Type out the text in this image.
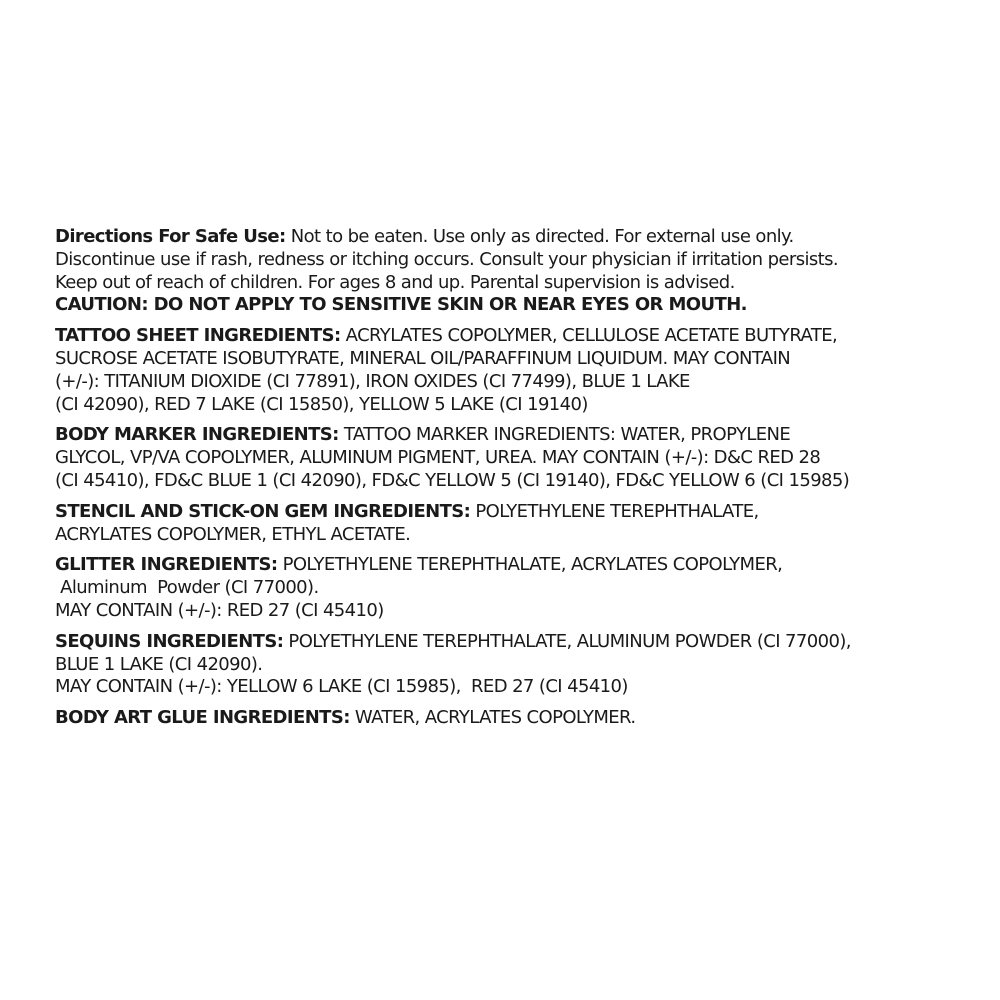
Directions For Safe Use: Not to be eaten. Use only as directed. For external use only.
Discontinue use if rash, redness or itching occurs. Consult your physician if irritation persists.
Keep out of reach of children. For ages 8 and up. Parental supervision is advised.
CAUTION: DO NOT APPLY TO SENSITIVE SKIN OR NEAR EYES OR MOUTH.
TATTOO SHEET INGREDIENTS: ACRYLATES COPOLYMER, CELLULOSE ACETATE BUTYRATE,
SUCROSE ACETATE ISOBUTYRATE, MINERAL OIL/PARAFFINUM LIQUIDUM. MAY CONTAIN
(+/-): TITANIUM DIOXIDE (CI 77891), IRON OXIDES (CI 77499), BLUE 1 LAKE
(CI 42090), RED 7 LAKE (CI 15850), YELLOW 5 LAKE (CI 19140)
BODY MARKER INGREDIENTS: TATTOO MARKER INGREDIENTS: WATER, PROPYLENE
GLYCOL, VP/VA COPOLYMER, ALUMINUM PIGMENT, UREA. MAY CONTAIN (+/-): D&C RED 28
(CI 45410), FD&C BLUE 1 (CI 42090), FD&C YELLOW 5 (CI 19140), FD&C YELLOW 6 (CI 15985)
STENCIL AND STICK-ON GEM INGREDIENTS: POLYETHYLENE TEREPHTHALATE,
ACRYLATES COPOLYMER, ETHYL ACETATE.
GLITTER INGREDIENTS: POLYETHYLENE TEREPHTHALATE, ACRYLATES COPOLYMER,
Aluminum  Powder (CI 77000).
MAY CONTAIN (+/-): RED 27 (CI 45410)
SEQUINS INGREDIENTS: POLYETHYLENE TEREPHTHALATE, ALUMINUM POWDER (CI 77000),
BLUE 1 LAKE (CI 42090).
MAY CONTAIN (+/-): YELLOW 6 LAKE (CI 15985),  RED 27 (CI 45410)
BODY ART GLUE INGREDIENTS: WATER, ACRYLATES COPOLYMER.
